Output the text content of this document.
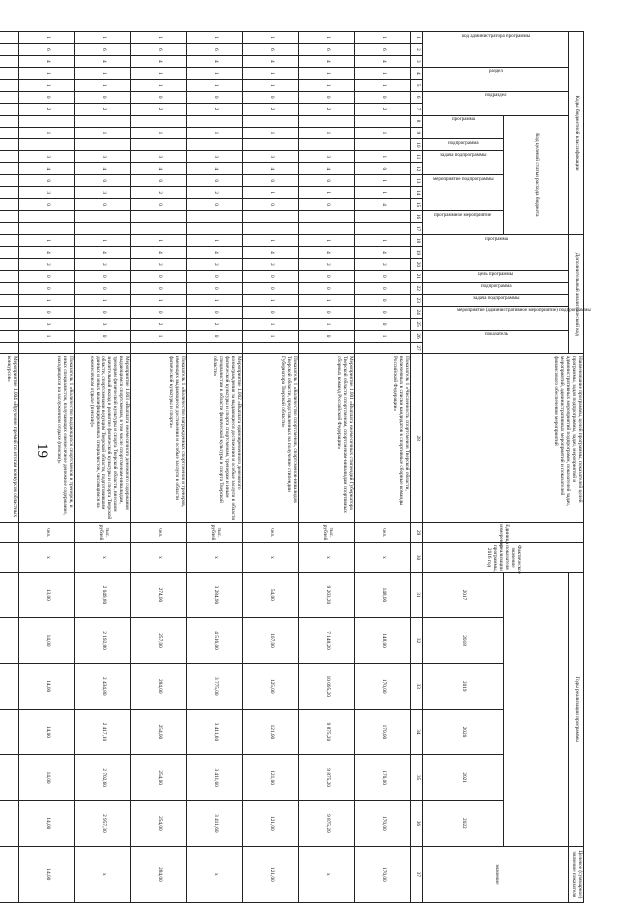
19
Коды бюджетной классификации																	Дополнительный аналитический код										Наименование программы, целей программы, показателей целей программы, задач подпрограммы, задач, мероприятий и административных мероприятий подпрограмм, показателей задач, мероприятий, административных мероприятий и показателей финансового обеспечения мероприятий	Единица измерения	Фактическое значение показателя реализации программы, 2016 год	Годы реализации программы						Целевое (суммарное) значение показателя

код администратора программы			раздел		подраздел		Код целевой статьи расхода бюджета										программа			цель программы	подпрограмма	задача подпрограммы	мероприятие (административное мероприятие) подпрограммы		показатель											значение

							программа		подпрограмма	задача подпрограммы		мероприятие подпрограммы			программное мероприятие															2017	2018	2019	2020	2021	2022	
1	2	3	4	5	6	7	8	9	10	11	12	13	14	15	16	17	18	19	20	21	22	23	24	25	26	27	28	29	30	31	32	33	34	35	36	37
1	6	4	1	1	0	2		1		1	0	1	1	4			1	4	2	0	0	0	0	0	1		Показатель 1 «Численность спортсменов Тверской области, включенных в списки кандидатов в спортивные сборные команды Российской Федерации»	чел.	х	148,00	148,00	170,00	170,00	170,00	170,00	170,00
1	6	4	1	1	0	2		1		3	4	0	1	0			1	4	2	0	0	1	0	1	0		Мероприятие 1.001 «Выплата ежемесячных стипендий Губернатора Тверской области спортсменам, спортсменам-инвалидам спортивных сборных команд Российской Федерации»	тыс. рублей	х	9 203,20	7 148,20	10 095,20	9 875,20	9 875,20	9 875,20	х
1	6	4	1	1	0	2		1		3	4	0	1	0			1	4	2	0	0	1	0	1	1		Показатель 1 «Количество спортсменов, спортсменов-инвалидов Тверской области, представленных на получение стипендии Губернатора Тверской области»	чел.	х	54,00	107,00	125,00	121,00	121,00	121,00	121,00
1	6	4	1	1	0	2		1		3	4	0	2	0			1	4	2	0	0	1	0	2	0		Мероприятие 1.002 «Выплата единовременного денежного вознаграждения за выдающиеся достижения и особые заслуги в области физической культуры и спорта спортсменам, тренерам и иным специалистам в области физической культуры и спорта Тверской области»	тыс. рублей	х	3 284,90	4 516,00	3 775,00	3 411,60	3 411,60	3 411,60	х
1	6	4	1	1	0	2		1		3	4	0	2	0			1	4	2	0	0	1	0	2	1		Показатель 1 «Количество награжденных спортсменов и тренеров, имеющих выдающиеся достижения и особые заслуги в области физической культуры и спорта»	чел.	х	274,00	257,00	284,00	254,00	254,00	254,00	284,00
1	6	4	1	1	0	2		1		3	4	0	3	0			1	4	2	0	0	1	0	3	0		Мероприятие 1.003 «Выплата ежемесячного денежного содержания выдающимся спортсменам, в том числе спортсменам-инвалидам, тренерам физической культуры и спорта Тверской области, внесшим значительный вклад в развитие физической культуры и спорта Тверской области, спортсменами ведущим Тверской области, подготовившим данных и иных квалифицированных специалистов, числящимся на ежемесячном отдыхе (пенсии)»	тыс. рублей	х	2 049,80	2 192,80	2 434,80	2 417,10	2 702,60	2 957,30	х
1	6	4	1	1	0	2		1		3	4	0	3	0			1	4	2	0	0	1	0	3	1		Показатель 1 «Количество выдающихся спортсменов и тренеров, и иных специалистов, получающих ежемесячное денежное содержание, находящихся на заслуженном отдыхе (пенсии)»	чел.	х	13,00	14,00	14,00	14,00	14,00	14,00	14,00
																											Мероприятие 1.004 «Вручение премий по итогам конкурсов областных конкурсов»									
